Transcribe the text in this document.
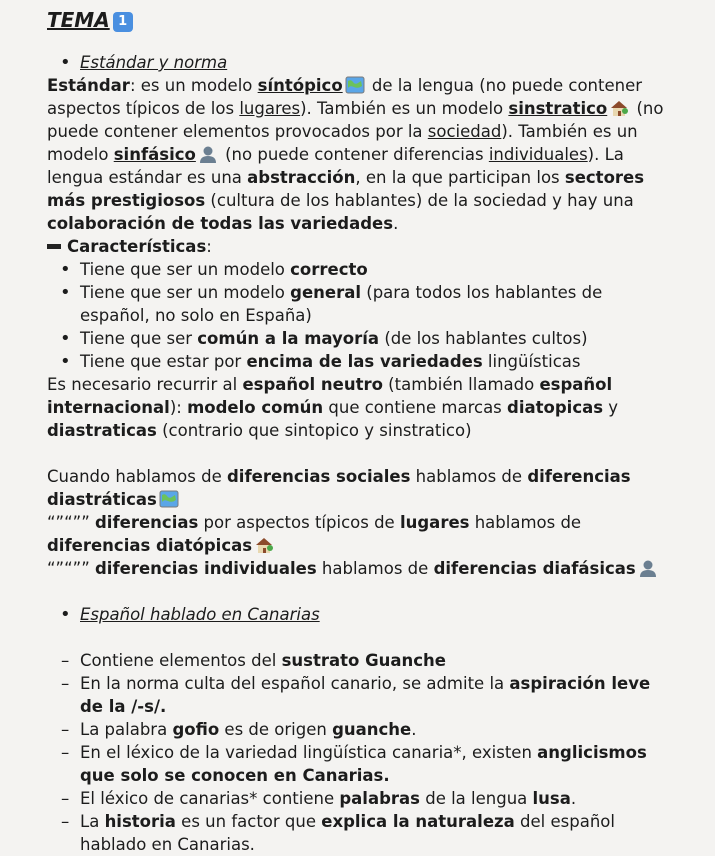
TEMA 1
• Estándar y norma

Estándar: es un modelo síntópico de la lengua (no puede contener aspectos típicos de los lugares). También es un modelo sinstratico (no puede contener elementos provocados por la sociedad). También es un modelo sinfásico (no puede contener diferencias individuales). La lengua estándar es una abstracción, en la que participan los sectores más prestigiosos (cultura de los hablantes) de la sociedad y hay una colaboración de todas las variedades.

Características:
• Tiene que ser un modelo correcto
• Tiene que ser un modelo general (para todos los hablantes de español, no solo en España)
• Tiene que ser común a la mayoría (de los hablantes cultos)
• Tiene que estar por encima de las variedades lingüísticas

Es necesario recurrir al español neutro (también llamado español internacional): modelo común que contiene marcas diatopicas y diastraticas (contrario que sintopico y sinstratico)

Cuando hablamos de diferencias sociales hablamos de diferencias diastráticas
“”“”” diferencias por aspectos típicos de lugares hablamos de diferencias diatópicas
“”“”” diferencias individuales hablamos de diferencias diafásicas
• Español hablado en Canarias
– Contiene elementos del sustrato Guanche
– En la norma culta del español canario, se admite la aspiración leve de la /-s/.
– La palabra gofio es de origen guanche.
– En el léxico de la variedad lingüística canaria*, existen anglicismos que solo se conocen en Canarias.
– El léxico de canarias* contiene palabras de la lengua lusa.
– La historia es un factor que explica la naturaleza del español hablado en Canarias.
